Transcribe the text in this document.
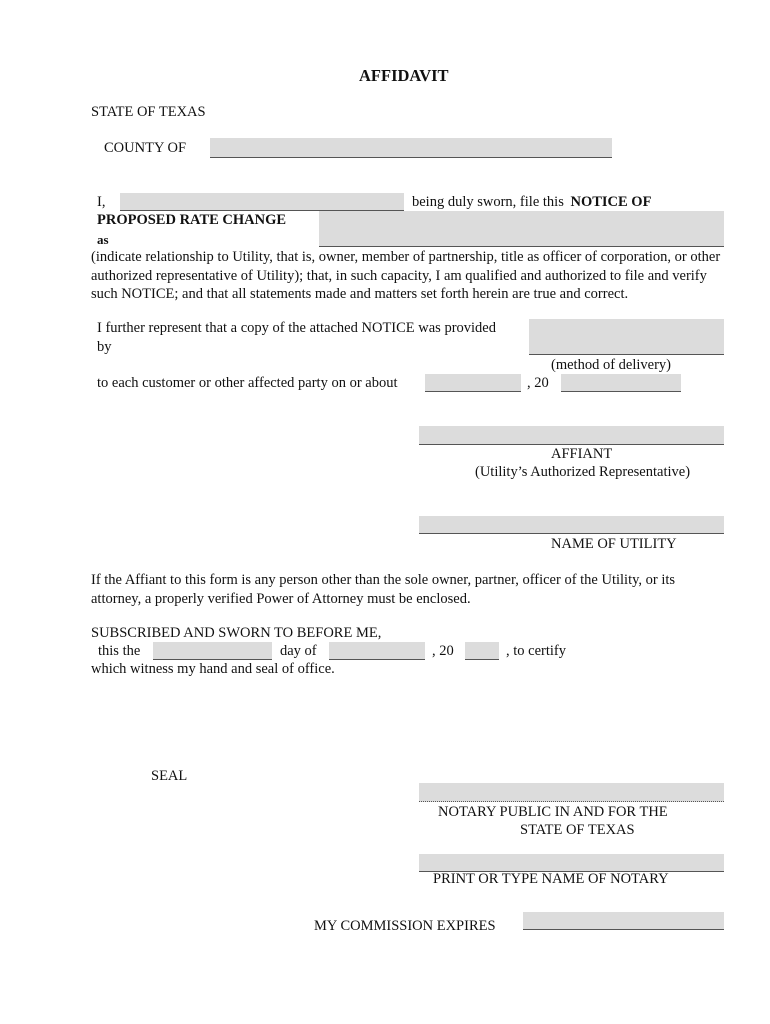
AFFIDAVIT
STATE OF TEXAS
COUNTY OF
I,	being duly sworn, file this NOTICE OF
PROPOSED RATE CHANGE
as
(indicate relationship to Utility, that is, owner, member of partnership, title as officer of corporation, or other authorized representative of Utility); that, in such capacity, I am qualified and authorized to file and verify such NOTICE; and that all statements made and matters set forth herein are true and correct.
I further represent that a copy of the attached NOTICE was provided
by
(method of delivery)
to each customer or other affected party on or about	, 20
AFFIANT
(Utility’s Authorized Representative)
NAME OF UTILITY
If the Affiant to this form is any person other than the sole owner, partner, officer of the Utility, or its attorney, a properly verified Power of Attorney must be enclosed.
SUBSCRIBED AND SWORN TO BEFORE ME,
this the	day of	, 20	, to certify
which witness my hand and seal of office.
SEAL
NOTARY PUBLIC IN AND FOR THE
STATE OF TEXAS
PRINT OR TYPE NAME OF NOTARY
MY COMMISSION EXPIRES
